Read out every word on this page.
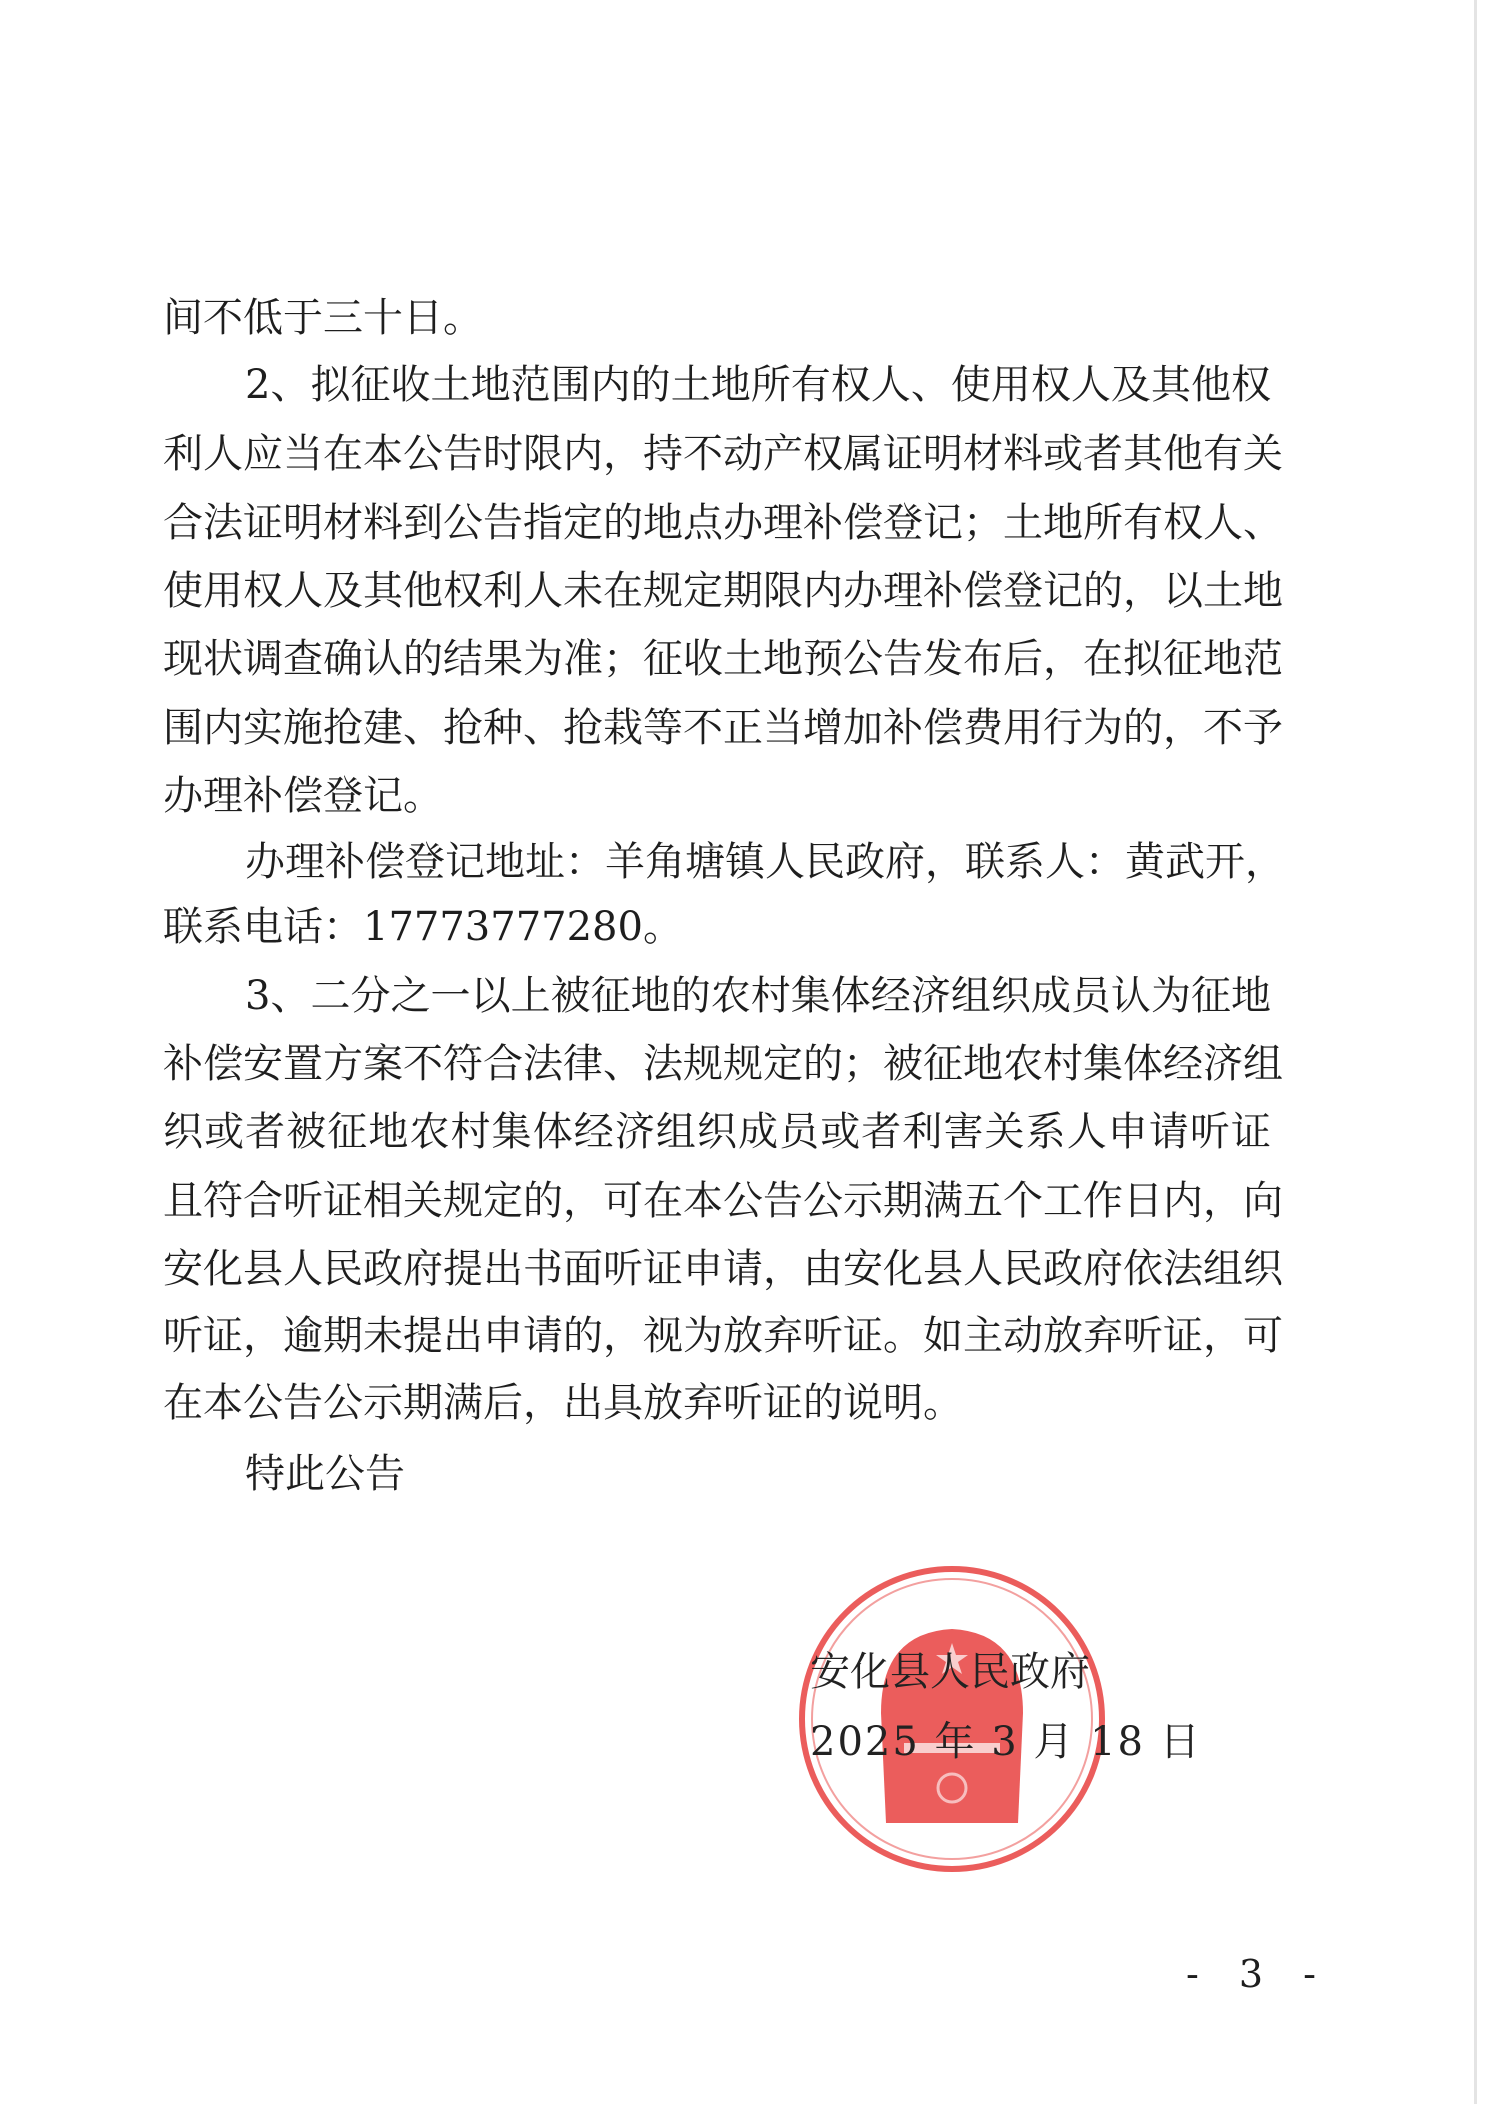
间不低于三十日。
2、拟征收土地范围内的土地所有权人、使用权人及其他权
利人应当在本公告时限内，持不动产权属证明材料或者其他有关
合法证明材料到公告指定的地点办理补偿登记；土地所有权人、
使用权人及其他权利人未在规定期限内办理补偿登记的，以土地
现状调查确认的结果为准；征收土地预公告发布后，在拟征地范
围内实施抢建、抢种、抢栽等不正当增加补偿费用行为的，不予
办理补偿登记。
办理补偿登记地址：羊角塘镇人民政府，联系人：黄武开，
联系电话：17773777280。
3、二分之一以上被征地的农村集体经济组织成员认为征地
补偿安置方案不符合法律、法规规定的；被征地农村集体经济组
织或者被征地农村集体经济组织成员或者利害关系人申请听证
且符合听证相关规定的，可在本公告公示期满五个工作日内，向
安化县人民政府提出书面听证申请，由安化县人民政府依法组织
听证，逾期未提出申请的，视为放弃听证。如主动放弃听证，可
在本公告公示期满后，出具放弃听证的说明。
特此公告
安化县人民政府
2025 年 3 月 18 日
- 3 -
